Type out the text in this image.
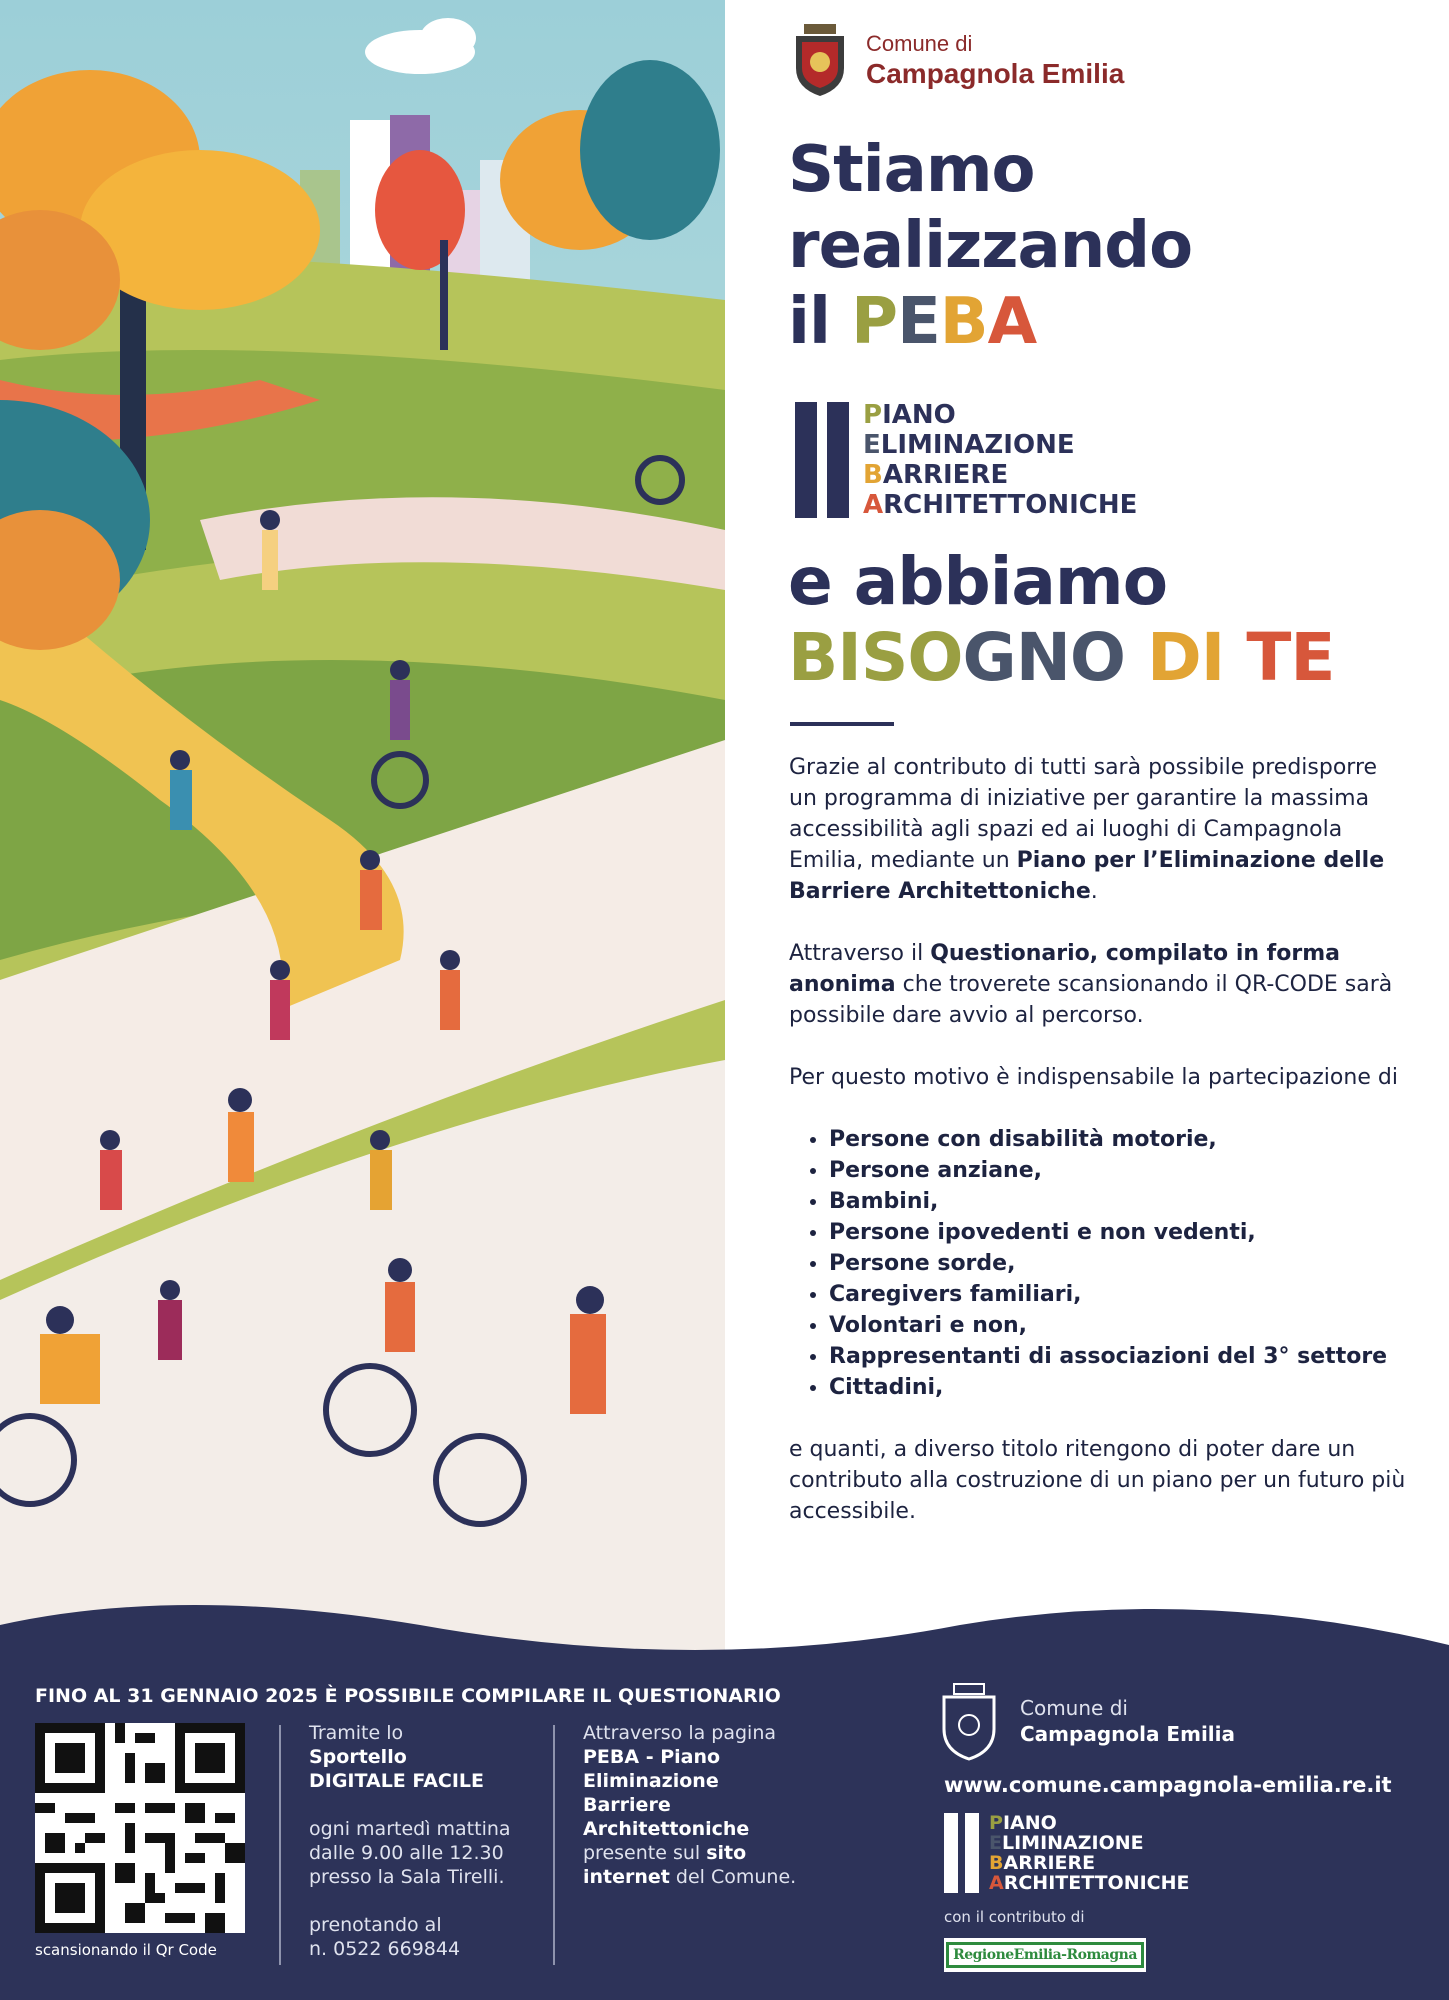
Comune di
Campagnola Emilia
Stiamo
realizzando
il PEBA
PIANO
ELIMINAZIONE
BARRIERE
ARCHITETTONICHE
e abbiamo
BISOGNO DI TE

Grazie al contributo di tutti sarà possibile predisporre un programma di iniziative per garantire la massima accessibilità agli spazi ed ai luoghi di Campagnola Emilia, mediante un Piano per l’Eliminazione delle Barriere Architettoniche.

Attraverso il Questionario, compilato in forma anonima che troverete scansionando il QR-CODE sarà possibile dare avvio al percorso.

Per questo motivo è indispensabile la partecipazione di

• Persone con disabilità motorie,
• Persone anziane,
• Bambini,
• Persone ipovedenti e non vedenti,
• Persone sorde,
• Caregivers familiari,
• Volontari e non,
• Rappresentanti di associazioni del 3° settore
• Cittadini,

e quanti, a diverso titolo ritengono di poter dare un contributo alla costruzione di un piano per un futuro più accessibile.

FINO AL 31 GENNAIO 2025 È POSSIBILE COMPILARE IL QUESTIONARIO
scansionando il Qr Code
Tramite lo
Sportello
DIGITALE FACILE
ogni martedì mattina
dalle 9.00 alle 12.30
presso la Sala Tirelli.
prenotando al
n. 0522 669844
Attraverso la pagina
PEBA - Piano
Eliminazione
Barriere
Architettoniche
presente sul sito
internet del Comune.
Comune di
Campagnola Emilia
www.comune.campagnola-emilia.re.it
PIANO
ELIMINAZIONE
BARRIERE
ARCHITETTONICHE
con il contributo di
RegioneEmilia-Romagna
